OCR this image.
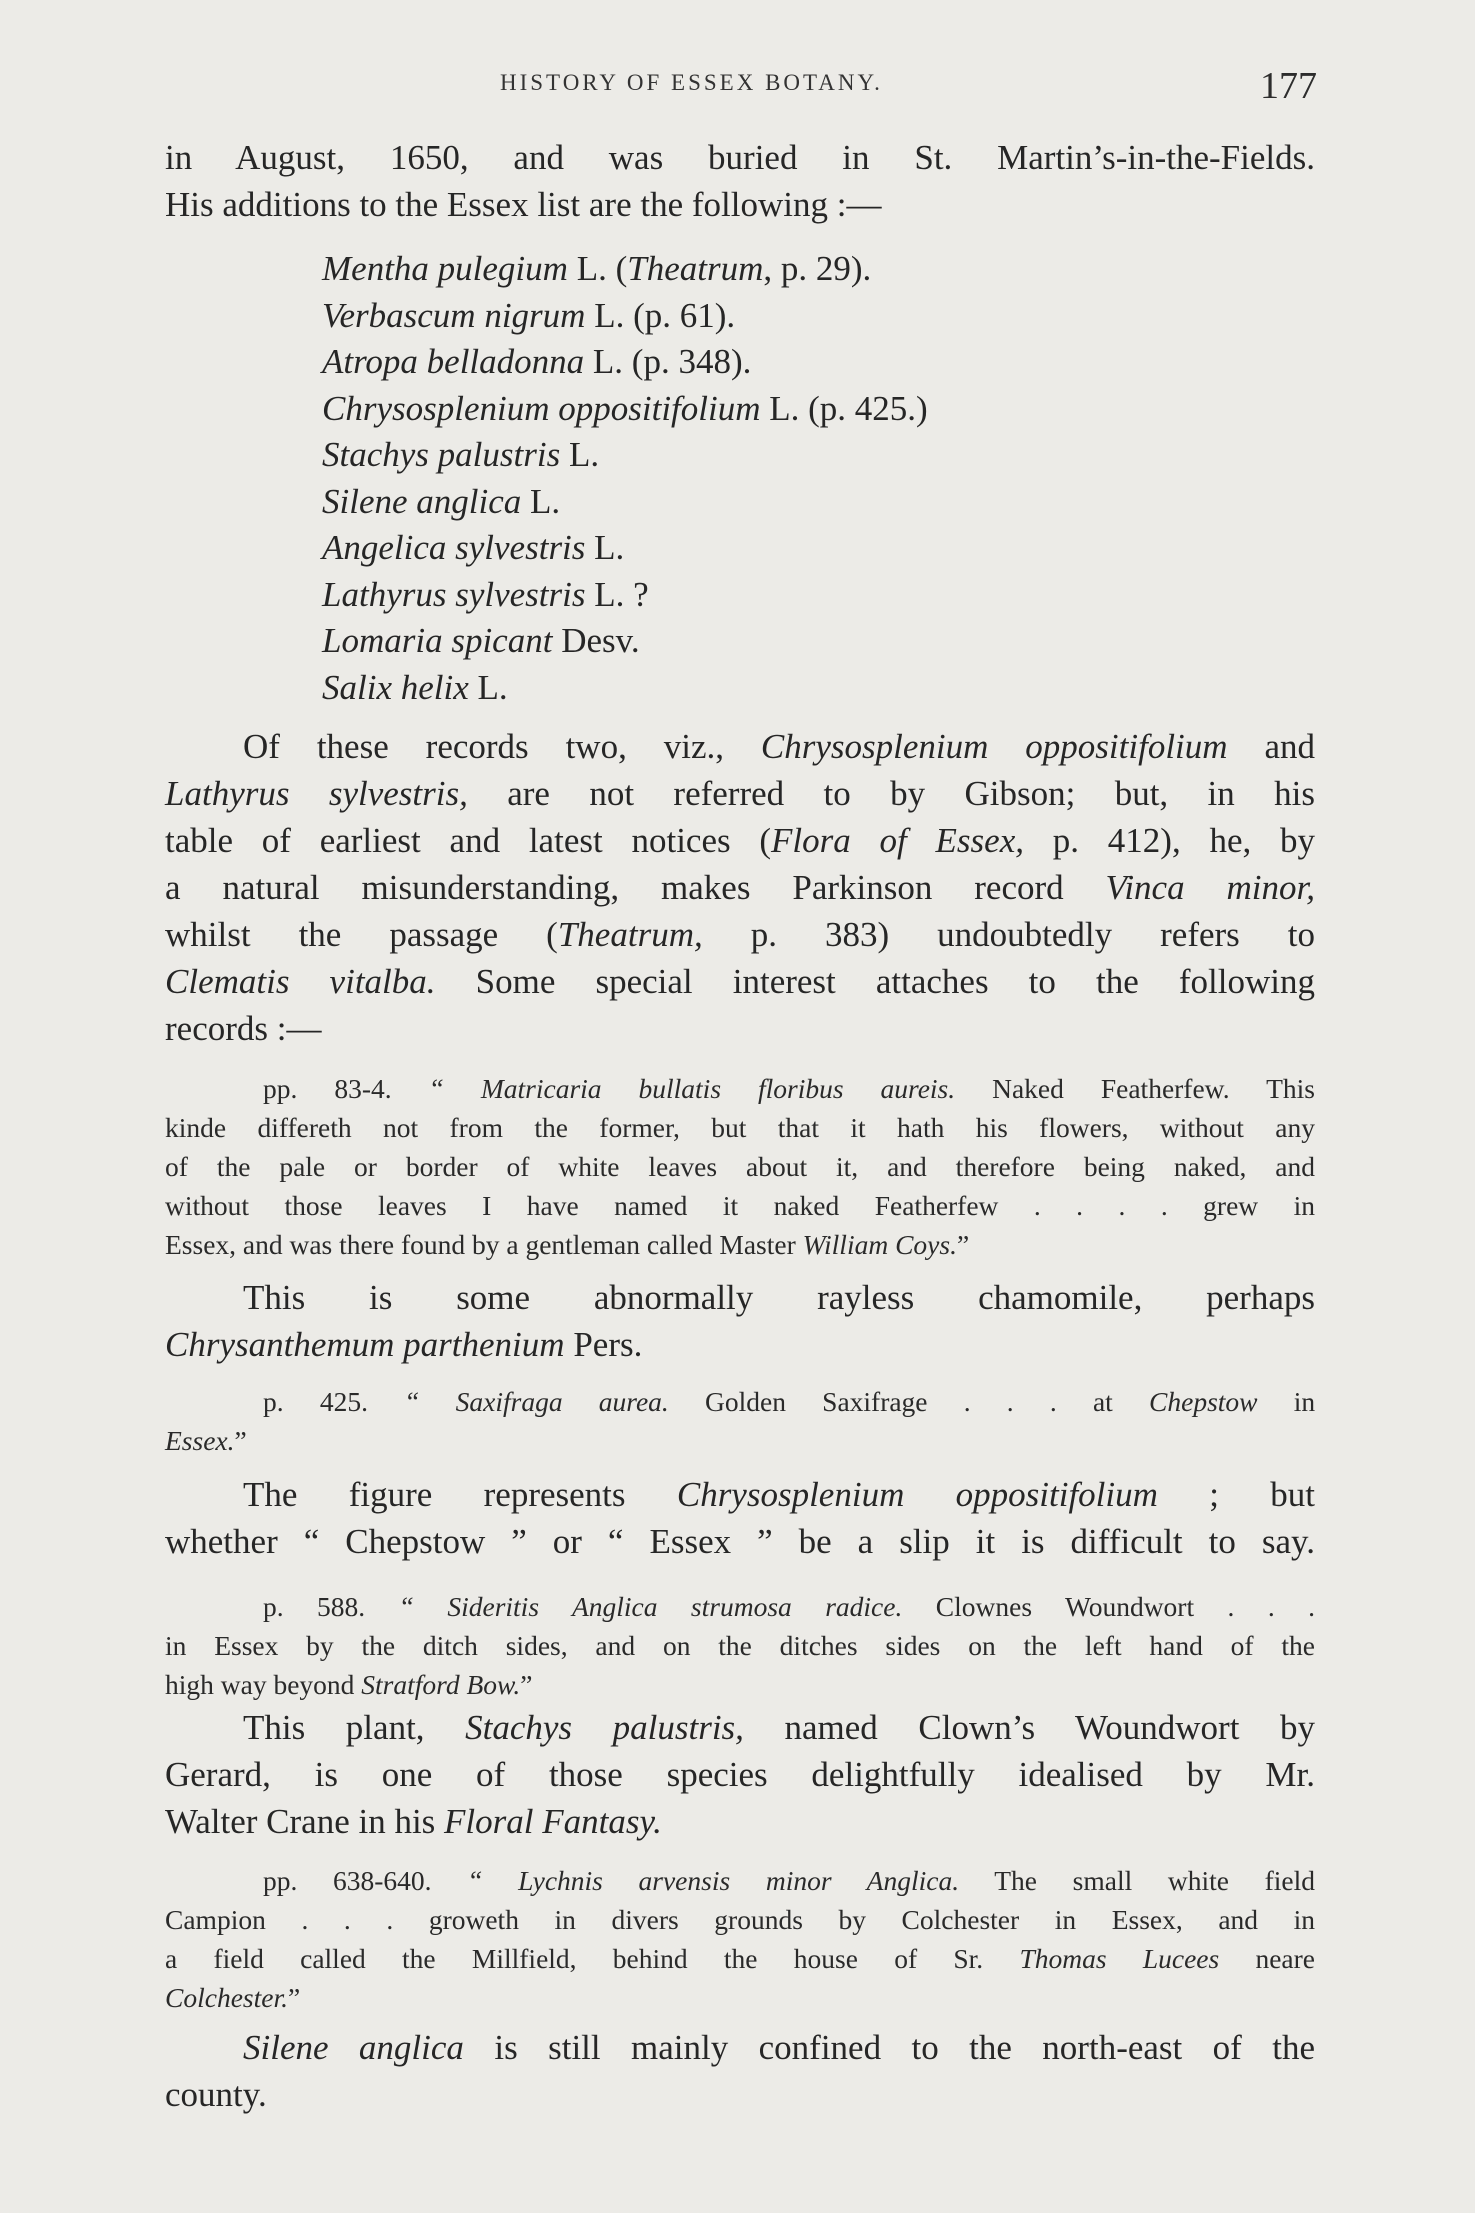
HISTORY OF ESSEX BOTANY.	177
in August, 1650, and was buried in St. Martin’s-in-the-Fields.
His additions to the Essex list are the following :—
Mentha pulegium L. (Theatrum, p. 29).
Verbascum nigrum L. (p. 61).
Atropa belladonna L. (p. 348).
Chrysosplenium oppositifolium L. (p. 425.)
Stachys palustris L.
Silene anglica L.
Angelica sylvestris L.
Lathyrus sylvestris L. ?
Lomaria spicant Desv.
Salix helix L.
Of these records two, viz., Chrysosplenium oppositifolium and
Lathyrus sylvestris, are not referred to by Gibson; but, in his
table of earliest and latest notices (Flora of Essex, p. 412), he, by
a natural misunderstanding, makes Parkinson record Vinca minor,
whilst the passage (Theatrum, p. 383) undoubtedly refers to
Clematis vitalba. Some special interest attaches to the following
records :—
pp. 83-4. “ Matricaria bullatis floribus aureis. Naked Featherfew. This
kinde differeth not from the former, but that it hath his flowers, without any
of the pale or border of white leaves about it, and therefore being naked, and
without those leaves I have named it naked Featherfew . . . . grew in
Essex, and was there found by a gentleman called Master William Coys.”
This is some abnormally rayless chamomile, perhaps
Chrysanthemum parthenium Pers.
p. 425. “ Saxifraga aurea. Golden Saxifrage . . . at Chepstow in
Essex.”
The figure represents Chrysosplenium oppositifolium ; but
whether “ Chepstow ” or “ Essex ” be a slip it is difficult to say.
p. 588. “ Sideritis Anglica strumosa radice. Clownes Woundwort . . .
in Essex by the ditch sides, and on the ditches sides on the left hand of the
high way beyond Stratford Bow.”
This plant, Stachys palustris, named Clown’s Woundwort by
Gerard, is one of those species delightfully idealised by Mr.
Walter Crane in his Floral Fantasy.
pp. 638-640. “ Lychnis arvensis minor Anglica. The small white field
Campion . . . groweth in divers grounds by Colchester in Essex, and in
a field called the Millfield, behind the house of Sr. Thomas Lucees neare
Colchester.”
Silene anglica is still mainly confined to the north-east of the
county.
